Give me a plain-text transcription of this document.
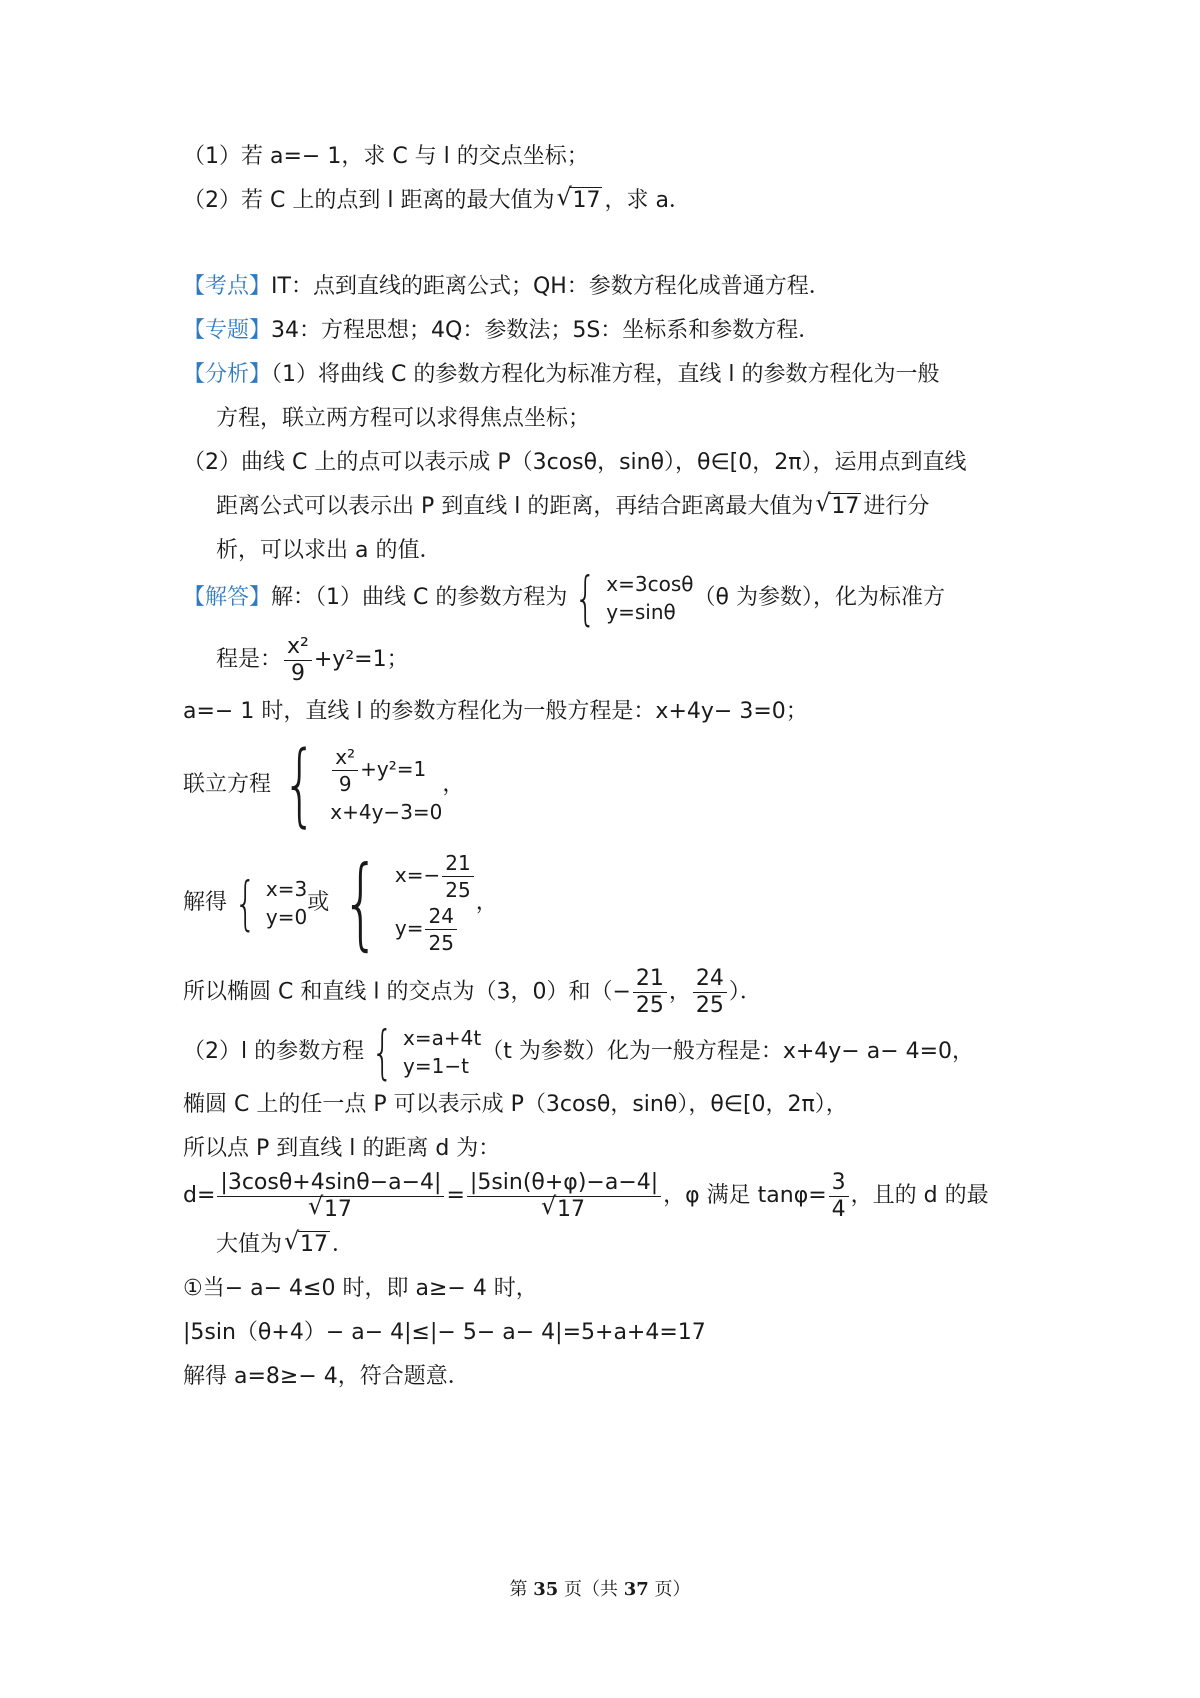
（1）若 a=− 1，求 C 与 l 的交点坐标；
（2）若 C 上的点到 l 距离的最大值为 √ 17 ，求 a．
【考点】IT：点到直线的距离公式；QH：参数方程化成普通方程．
【专题】34：方程思想；4Q：参数法；5S：坐标系和参数方程．
【分析】（1）将曲线 C 的参数方程化为标准方程，直线 l 的参数方程化为一般
方程，联立两方程可以求得焦点坐标；
（2）曲线 C 上的点可以表示成 P（3cosθ，sinθ），θ∈[0，2π），运用点到直线
距离公式可以表示出 P 到直线 l 的距离，再结合距离最大值为 √ 17 进行分
析，可以求出 a 的值．
【解答】解：（1）曲线 C 的参数方程为 { x=3cosθ
y=sinθ
（θ 为参数），化为标准方
程是： $\frac{\text{x²}}{9} +y^2=1$；
a=− 1 时，直线 l 的参数方程化为一般方程是：x+4y− 3=0；
联立方程 { $\frac{\text{x²}}{9} +y^2=1$
x+4y−3=0
，
解得 { x=3
y=0
或 { $x=- \frac{21}{25}$
$y= \frac{24}{25}$
，
所以椭圆 C 和直线 l 的交点为（3，0）和（− $\frac{21}{25}$ ， $\frac{24}{25}$ ）．
（2）l 的参数方程 { x=a+4t
y=1−t
（t 为参数）化为一般方程是：x+4y− a− 4=0，
椭圆 C 上的任一点 P 可以表示成 P（3cosθ，sinθ），θ∈[0，2π），
所以点 P 到直线 l 的距离 d 为：
$d= \frac{|3\cos\theta+4\sin\theta-a-4|}{√ 17} = \frac{|5\sin(\theta+\varphi)-a-4|}{√ 17}$ ，φ 满足 $\tan\varphi= \frac{3}{4}$ ，且的 d 的最
大值为 √ 17 ．
①当− a− 4≤0 时，即 a≥− 4 时，
|5sin（θ+4）− a− 4|≤|− 5− a− 4|=5+a+4=17
解得 a=8≥− 4，符合题意．
第 35 页（共 37 页）
